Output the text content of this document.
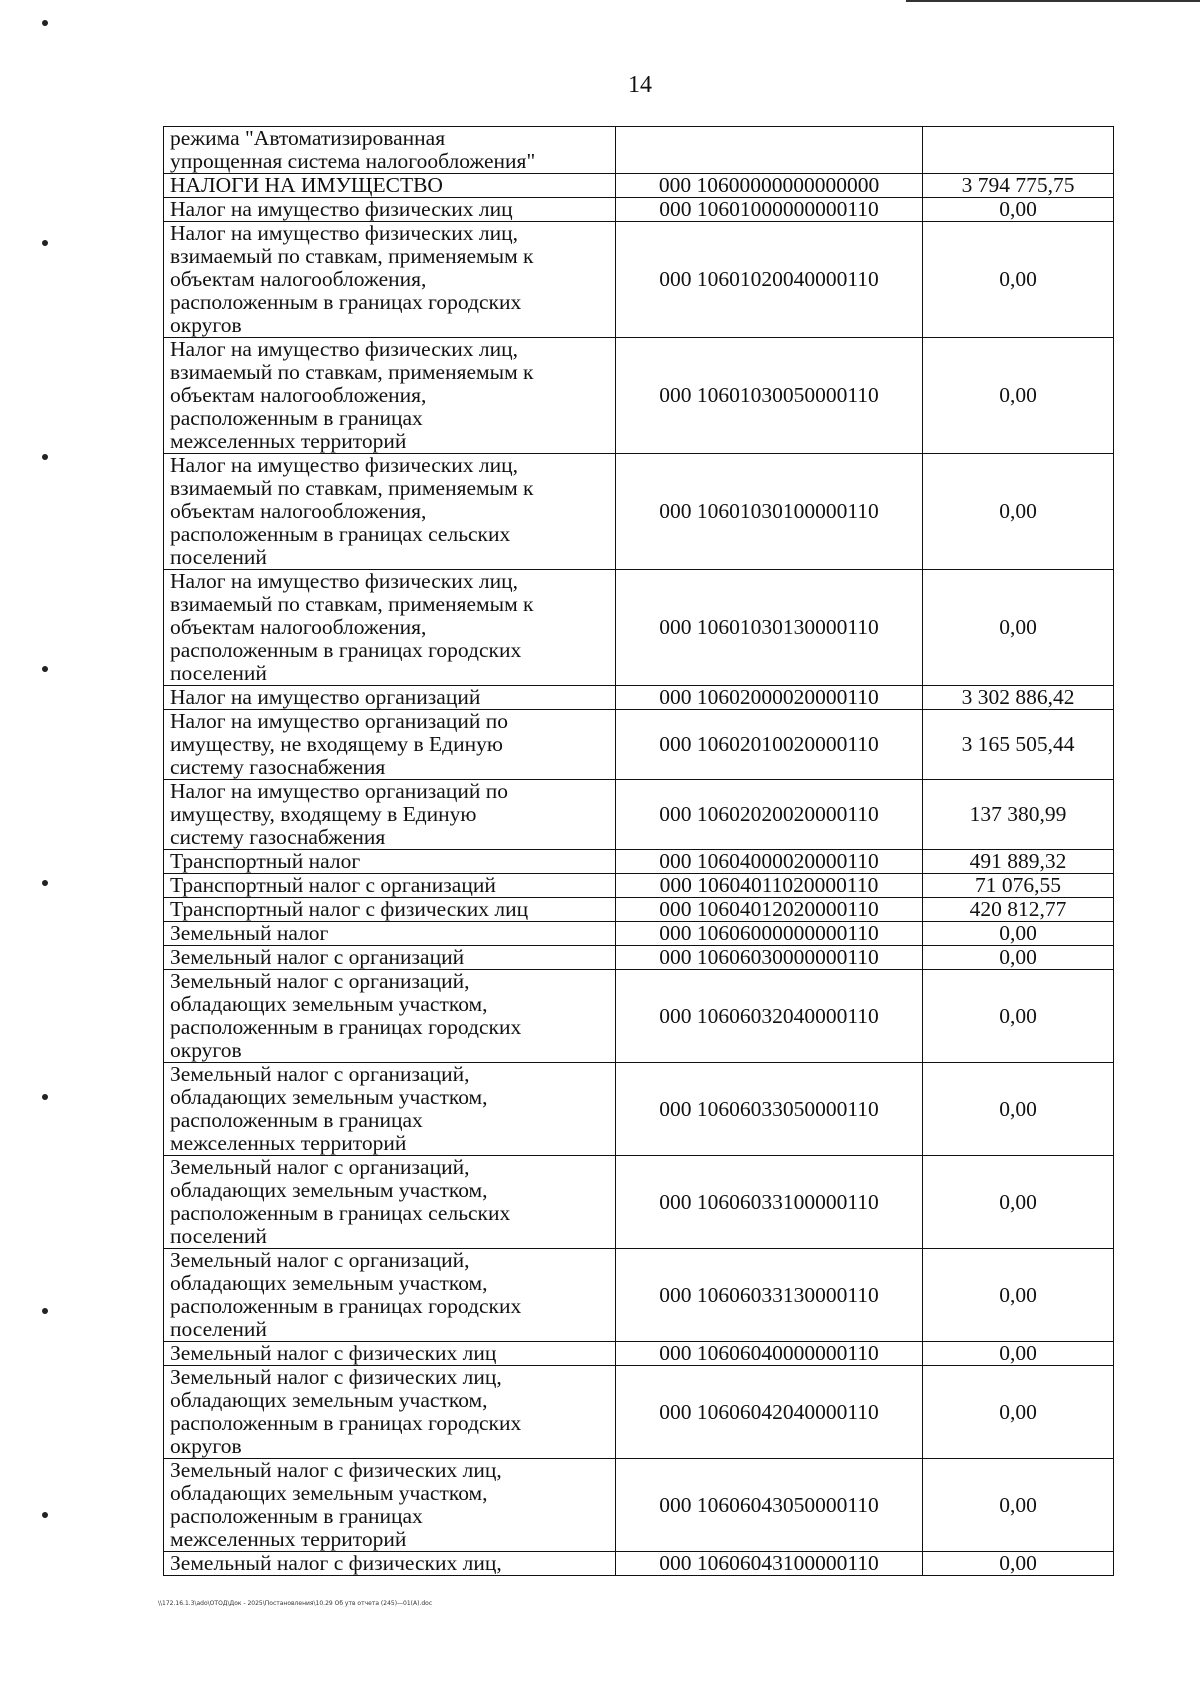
14
режима "Автоматизированная
упрощенная система налогообложения"		
НАЛОГИ НА ИМУЩЕСТВО	000 10600000000000000	3 794 775,75
Налог на имущество физических лиц	000 10601000000000110	0,00
Налог на имущество физических лиц,
взимаемый по ставкам, применяемым к
объектам налогообложения,
расположенным в границах городских
округов	000 10601020040000110	0,00
Налог на имущество физических лиц,
взимаемый по ставкам, применяемым к
объектам налогообложения,
расположенным в границах
межселенных территорий	000 10601030050000110	0,00
Налог на имущество физических лиц,
взимаемый по ставкам, применяемым к
объектам налогообложения,
расположенным в границах сельских
поселений	000 10601030100000110	0,00
Налог на имущество физических лиц,
взимаемый по ставкам, применяемым к
объектам налогообложения,
расположенным в границах городских
поселений	000 10601030130000110	0,00
Налог на имущество организаций	000 10602000020000110	3 302 886,42
Налог на имущество организаций по
имуществу, не входящему в Единую
систему газоснабжения	000 10602010020000110	3 165 505,44
Налог на имущество организаций по
имуществу, входящему в Единую
систему газоснабжения	000 10602020020000110	137 380,99
Транспортный налог	000 10604000020000110	491 889,32
Транспортный налог с организаций	000 10604011020000110	71 076,55
Транспортный налог с физических лиц	000 10604012020000110	420 812,77
Земельный налог	000 10606000000000110	0,00
Земельный налог с организаций	000 10606030000000110	0,00
Земельный налог с организаций,
обладающих земельным участком,
расположенным в границах городских
округов	000 10606032040000110	0,00
Земельный налог с организаций,
обладающих земельным участком,
расположенным в границах
межселенных территорий	000 10606033050000110	0,00
Земельный налог с организаций,
обладающих земельным участком,
расположенным в границах сельских
поселений	000 10606033100000110	0,00
Земельный налог с организаций,
обладающих земельным участком,
расположенным в границах городских
поселений	000 10606033130000110	0,00
Земельный налог с физических лиц	000 10606040000000110	0,00
Земельный налог с физических лиц,
обладающих земельным участком,
расположенным в границах городских
округов	000 10606042040000110	0,00
Земельный налог с физических лиц,
обладающих земельным участком,
расположенным в границах
межселенных территорий	000 10606043050000110	0,00
Земельный налог с физических лиц,	000 10606043100000110	0,00
\\172.16.1.3\ado\ОТОД\Док - 2025\Постановления\10.29 Об утв отчета (245)—01(А).doc
